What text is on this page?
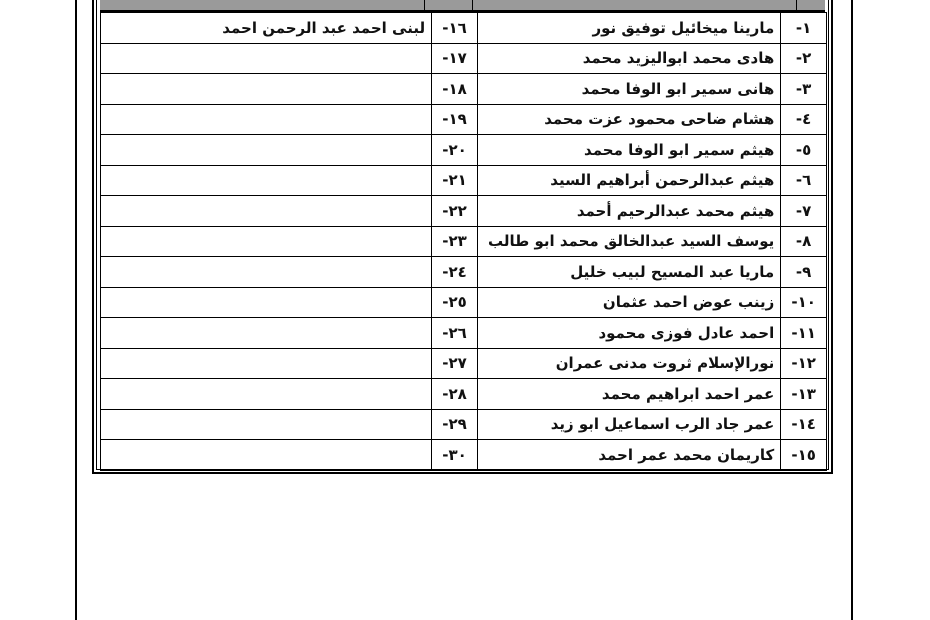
١-	مارينا ميخائيل توفيق نور	١٦-	لبنى احمد عبد الرحمن احمد
٢-	هادى محمد ابواليزيد محمد	١٧-	
٣-	هانى سمير ابو الوفا محمد	١٨-	
٤-	هشام ضاحى محمود عزت محمد	١٩-	
٥-	هيثم سمير ابو الوفا محمد	٢٠-	
٦-	هيثم عبدالرحمن أبراهيم السيد	٢١-	
٧-	هيثم محمد عبدالرحيم أحمد	٢٢-	
٨-	يوسف السيد عبدالخالق محمد ابو طالب	٢٣-	
٩-	ماريا عبد المسيح لبيب خليل	٢٤-	
١٠-	زينب عوض احمد عثمان	٢٥-	
١١-	احمد عادل فوزى محمود	٢٦-	
١٢-	نورالإسلام ثروت مدنى عمران	٢٧-	
١٣-	عمر احمد ابراهيم محمد	٢٨-	
١٤-	عمر جاد الرب اسماعيل ابو زيد	٢٩-	
١٥-	كاريمان محمد عمر احمد	٣٠-	
